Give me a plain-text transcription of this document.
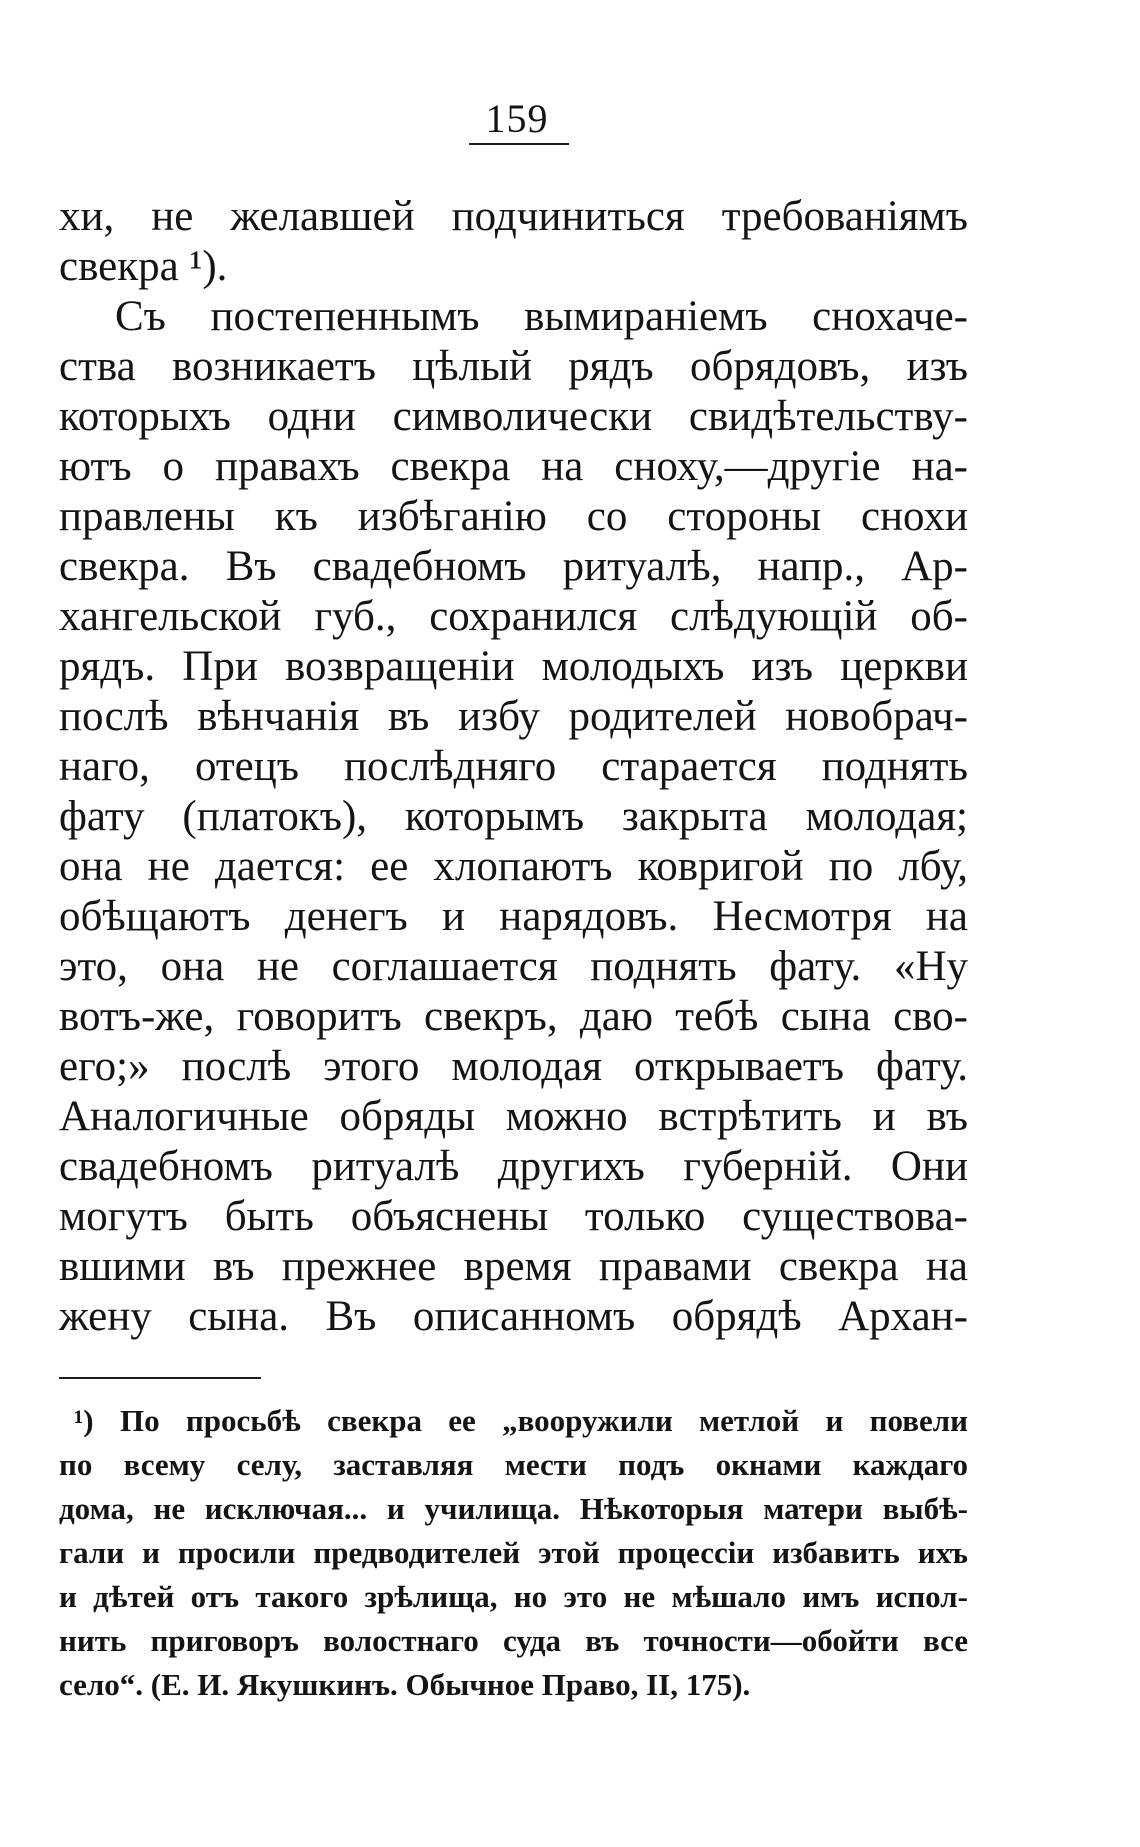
159
хи, не желавшей подчиниться требованіямъ
свекра ¹).
Съ постепеннымъ вымираніемъ снохаче-
ства возникаетъ цѣлый рядъ обрядовъ, изъ
которыхъ одни символически свидѣтельству-
ютъ о правахъ свекра на сноху,—другіе на-
правлены къ избѣганію со стороны снохи
свекра. Въ свадебномъ ритуалѣ, напр., Ар-
хангельской губ., сохранился слѣдующій об-
рядъ. При возвращеніи молодыхъ изъ церкви
послѣ вѣнчанія въ избу родителей новобрач-
наго, отецъ послѣдняго старается поднять
фату (платокъ), которымъ закрыта молодая;
она не дается: ее хлопаютъ ковригой по лбу,
обѣщаютъ денегъ и нарядовъ. Несмотря на
это, она не соглашается поднять фату. «Ну
вотъ-же, говоритъ свекръ, даю тебѣ сына сво-
его;» послѣ этого молодая открываетъ фату.
Аналогичные обряды можно встрѣтить и въ
свадебномъ ритуалѣ другихъ губерній. Они
могутъ быть объяснены только существова-
вшими въ прежнее время правами свекра на
жену сына. Въ описанномъ обрядѣ Архан-
¹) По просьбѣ свекра ее „вооружили метлой и повели
по всему селу, заставляя мести подъ окнами каждаго
дома, не исключая... и училища. Нѣкоторыя матери выбѣ-
гали и просили предводителей этой процессіи избавить ихъ
и дѣтей отъ такого зрѣлища, но это не мѣшало имъ испол-
нить приговоръ волостнаго суда въ точности—обойти все
село“. (Е. И. Якушкинъ. Обычное Право, II, 175).
